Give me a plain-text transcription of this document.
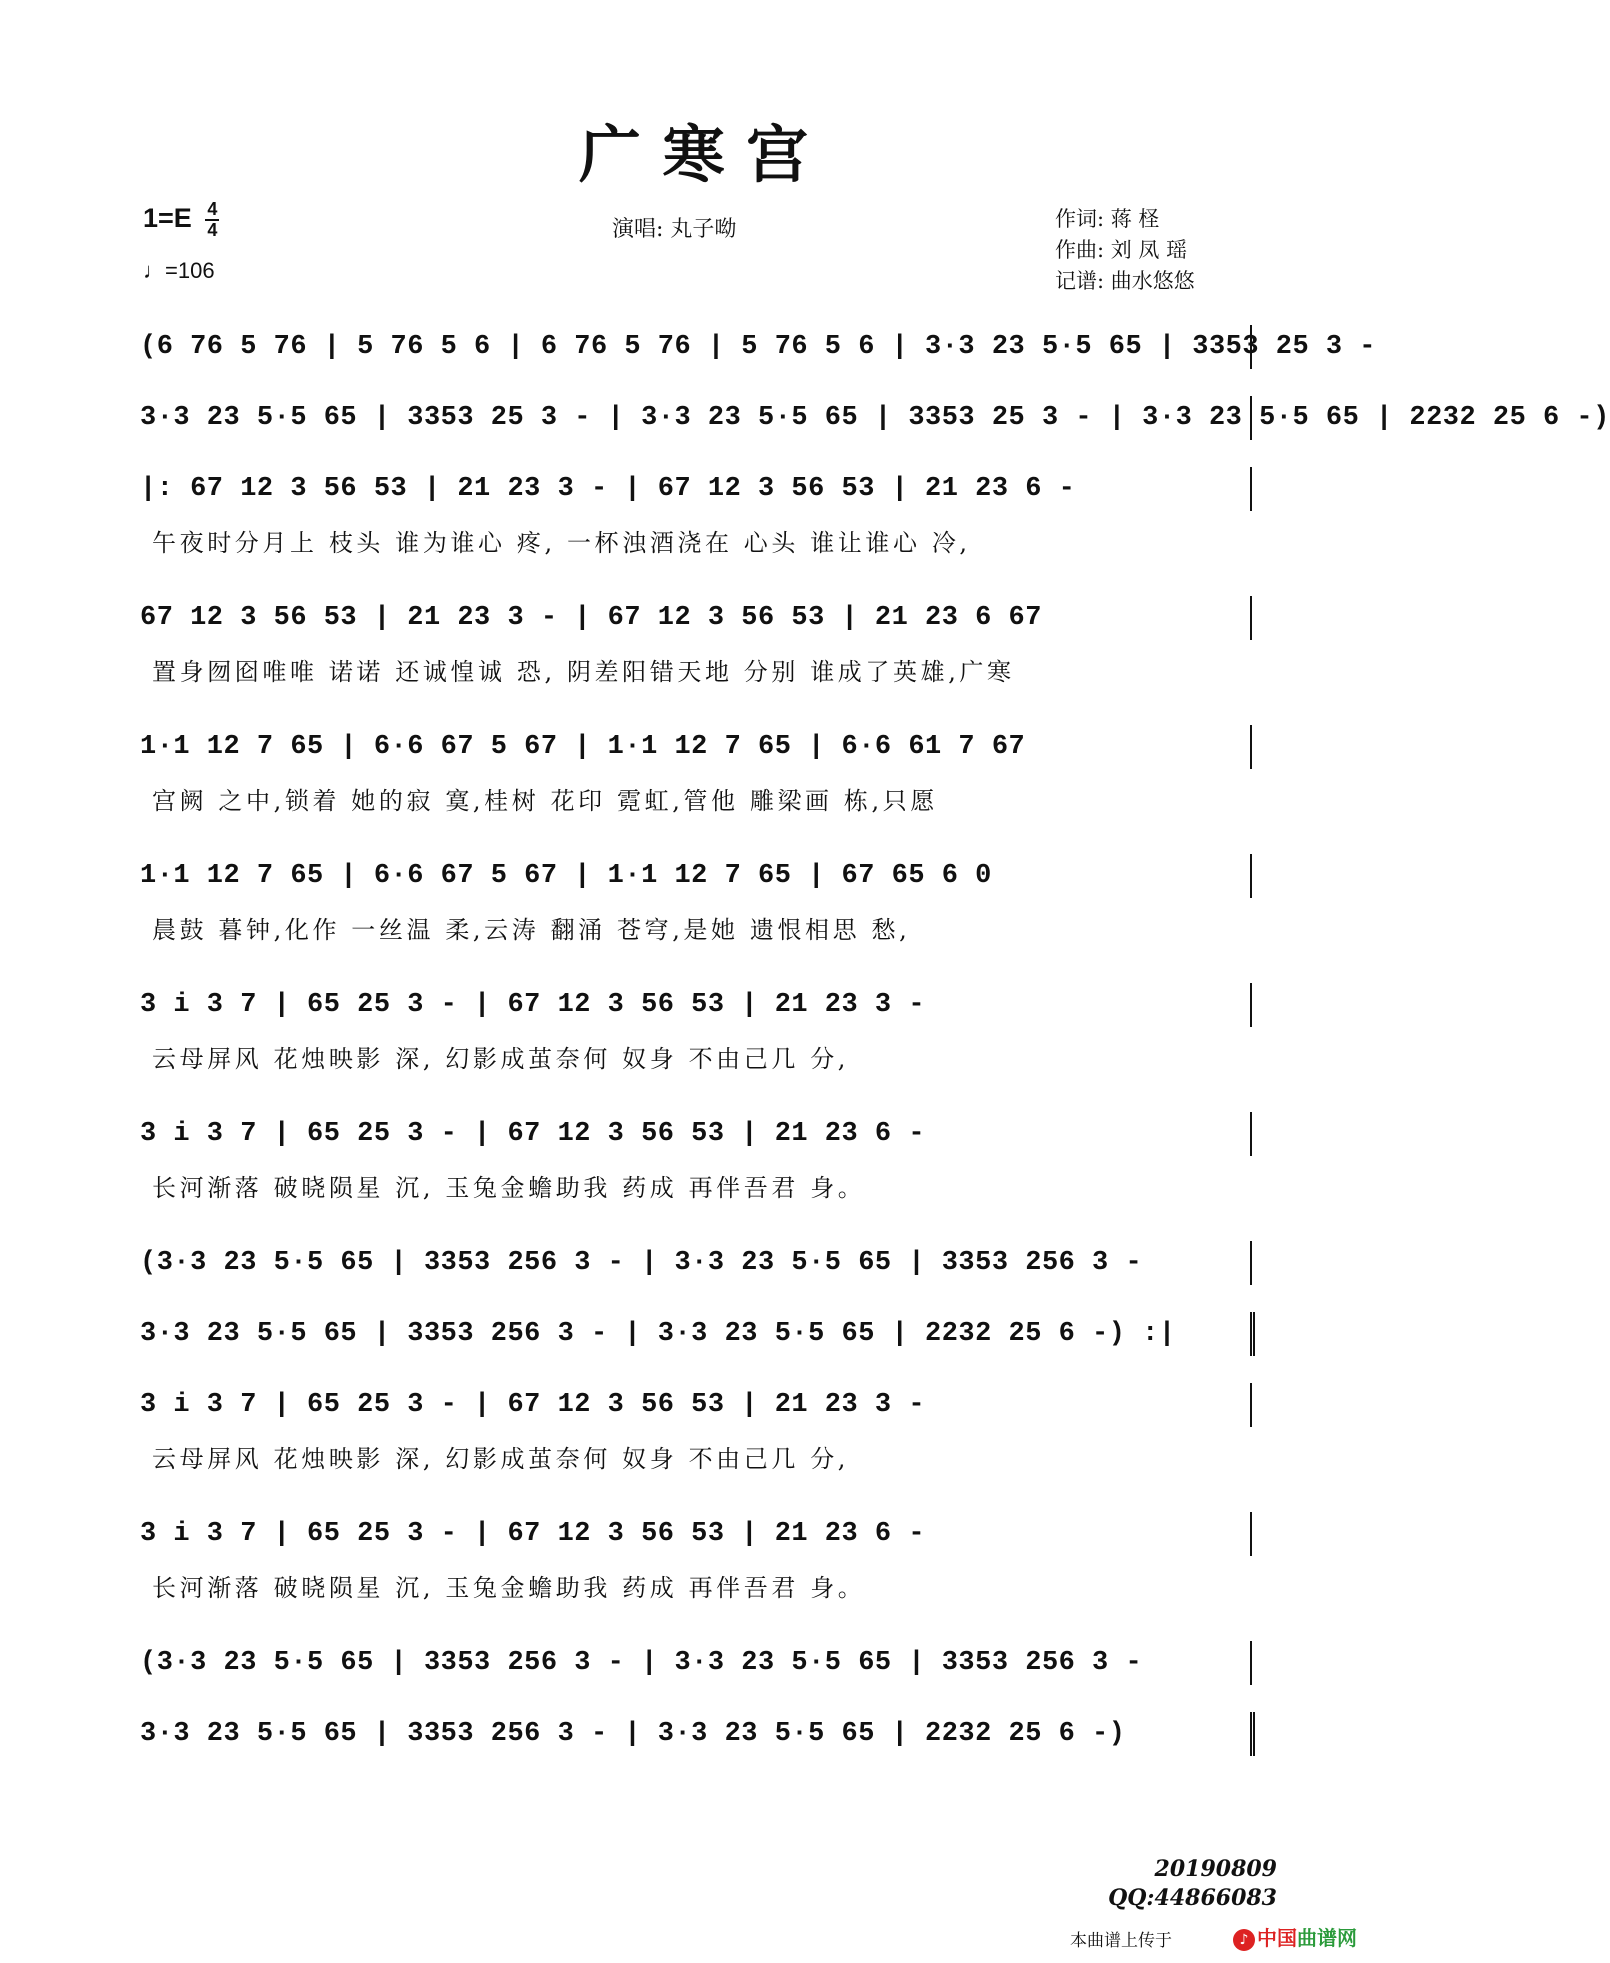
广 寒 宫
$1=E \frac{4}{4}$
♩=106
演唱: 丸子呦	作词: 蒋 柽
作曲: 刘 凤 瑶
记谱: 曲水悠悠
(6 76 5 76 | 5 76 5 6 | 6 76 5 76 | 5 76 5 6 | 3·3 23 5·5 65 | 3353 25 3 -
3·3 23 5·5 65 | 3353 25 3 - | 3·3 23 5·5 65 | 3353 25 3 - | 3·3 23 5·5 65 | 2232 25 6 -)
|: 67 12 3 56 53 | 21 23 3 - | 67 12 3 56 53 | 21 23 6 -
午夜时分月上 枝头 谁为谁心 疼, 一杯浊酒浇在 心头 谁让谁心 冷,
67 12 3 56 53 | 21 23 3 - | 67 12 3 56 53 | 21 23 6 67
置身囫囵唯唯 诺诺 还诚惶诚 恐, 阴差阳错天地 分别 谁成了英雄,广寒
1·1 12 7 65 | 6·6 67 5 67 | 1·1 12 7 65 | 6·6 61 7 67
宫阙 之中,锁着 她的寂 寞,桂树 花印 霓虹,管他 雕梁画 栋,只愿
1·1 12 7 65 | 6·6 67 5 67 | 1·1 12 7 65 | 67 65 6 0
晨鼓 暮钟,化作 一丝温 柔,云涛 翻涌 苍穹,是她 遗恨相思 愁,
3 i 3 7 | 65 25 3 - | 67 12 3 56 53 | 21 23 3 -
云母屏风 花烛映影 深, 幻影成茧奈何 奴身 不由己几 分,
3 i 3 7 | 65 25 3 - | 67 12 3 56 53 | 21 23 6 -
长河渐落 破晓陨星 沉, 玉兔金蟾助我 药成 再伴吾君 身。
(3·3 23 5·5 65 | 3353 256 3 - | 3·3 23 5·5 65 | 3353 256 3 -
3·3 23 5·5 65 | 3353 256 3 - | 3·3 23 5·5 65 | 2232 25 6 -) :|
3 i 3 7 | 65 25 3 - | 67 12 3 56 53 | 21 23 3 -
云母屏风 花烛映影 深, 幻影成茧奈何 奴身 不由己几 分,
3 i 3 7 | 65 25 3 - | 67 12 3 56 53 | 21 23 6 -
长河渐落 破晓陨星 沉, 玉兔金蟾助我 药成 再伴吾君 身。
(3·3 23 5·5 65 | 3353 256 3 - | 3·3 23 5·5 65 | 3353 256 3 -
3·3 23 5·5 65 | 3353 256 3 - | 3·3 23 5·5 65 | 2232 25 6 -)
20190809
QQ:44866083
本曲谱上传于	♪ 中国曲谱网
